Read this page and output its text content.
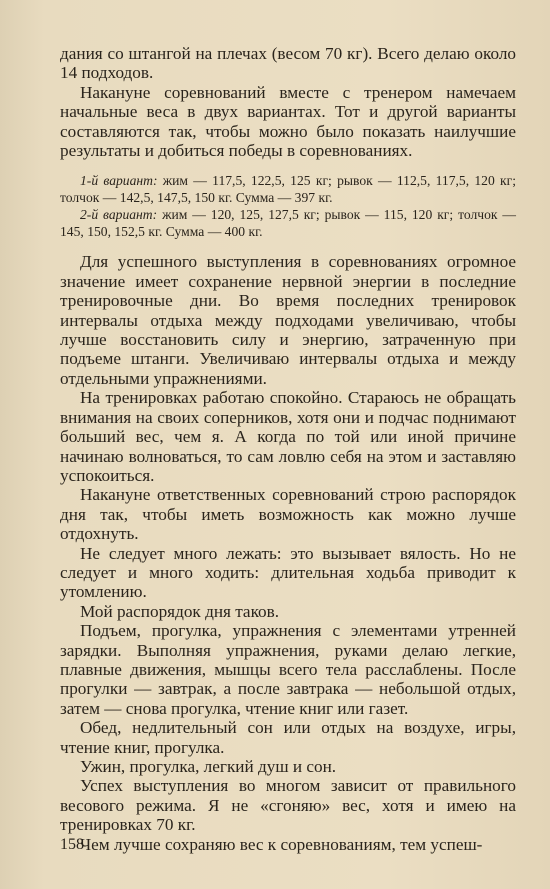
дания со штангой на плечах (весом 70 кг). Всего делаю около 14 подходов.

Накануне соревнований вместе с тренером намечаем начальные веса в двух вариантах. Тот и другой варианты составляются так, чтобы можно было показать наилучшие результаты и добиться победы в соревнованиях.

1-й вариант: жим — 117,5, 122,5, 125 кг; рывок — 112,5, 117,5, 120 кг; толчок — 142,5, 147,5, 150 кг. Сумма — 397 кг.

2-й вариант: жим — 120, 125, 127,5 кг; рывок — 115, 120 кг; толчок — 145, 150, 152,5 кг. Сумма — 400 кг.

Для успешного выступления в соревнованиях огромное значение имеет сохранение нервной энергии в последние тренировочные дни. Во время последних тренировок интервалы отдыха между подходами увеличиваю, чтобы лучше восстановить силу и энергию, затраченную при подъеме штанги. Увеличиваю интервалы отдыха и между отдельными упражнениями.

На тренировках работаю спокойно. Стараюсь не обращать внимания на своих соперников, хотя они и подчас поднимают больший вес, чем я. А когда по той или иной причине начинаю волноваться, то сам ловлю себя на этом и заставляю успокоиться.

Накануне ответственных соревнований строю распорядок дня так, чтобы иметь возможность как можно лучше отдохнуть.

Не следует много лежать: это вызывает вялость. Но не следует и много ходить: длительная ходьба приводит к утомлению.

Мой распорядок дня таков.

Подъем, прогулка, упражнения с элементами утренней зарядки. Выполняя упражнения, руками делаю легкие, плавные движения, мышцы всего тела расслаблены. После прогулки — завтрак, а после завтрака — небольшой отдых, затем — снова прогулка, чтение книг или газет.

Обед, недлительный сон или отдых на воздухе, игры, чтение книг, прогулка.

Ужин, прогулка, легкий душ и сон.

Успех выступления во многом зависит от правильного весового режима. Я не «сгоняю» вес, хотя и имею на тренировках 70 кг.

Чем лучше сохраняю вес к соревнованиям, тем успеш-

158
